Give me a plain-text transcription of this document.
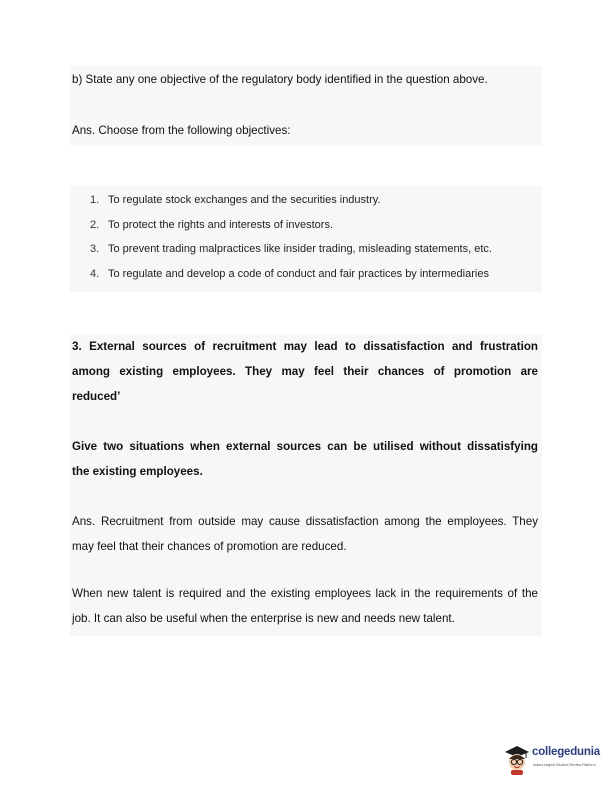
b) State any one objective of the regulatory body identified in the question above.
Ans. Choose from the following objectives:
1. To regulate stock exchanges and the securities industry.
2. To protect the rights and interests of investors.
3. To prevent trading malpractices like insider trading, misleading statements, etc.
4. To regulate and develop a code of conduct and fair practices by intermediaries
3. External sources of recruitment may lead to dissatisfaction and frustration
among existing employees. They may feel their chances of promotion are
reduced’
Give two situations when external sources can be utilised without dissatisfying
the existing employees.
Ans. Recruitment from outside may cause dissatisfaction among the employees. They
may feel that their chances of promotion are reduced.
When new talent is required and the existing employees lack in the requirements of the
job. It can also be useful when the enterprise is new and needs new talent.
collegedunia
India's largest Student Review Platform
